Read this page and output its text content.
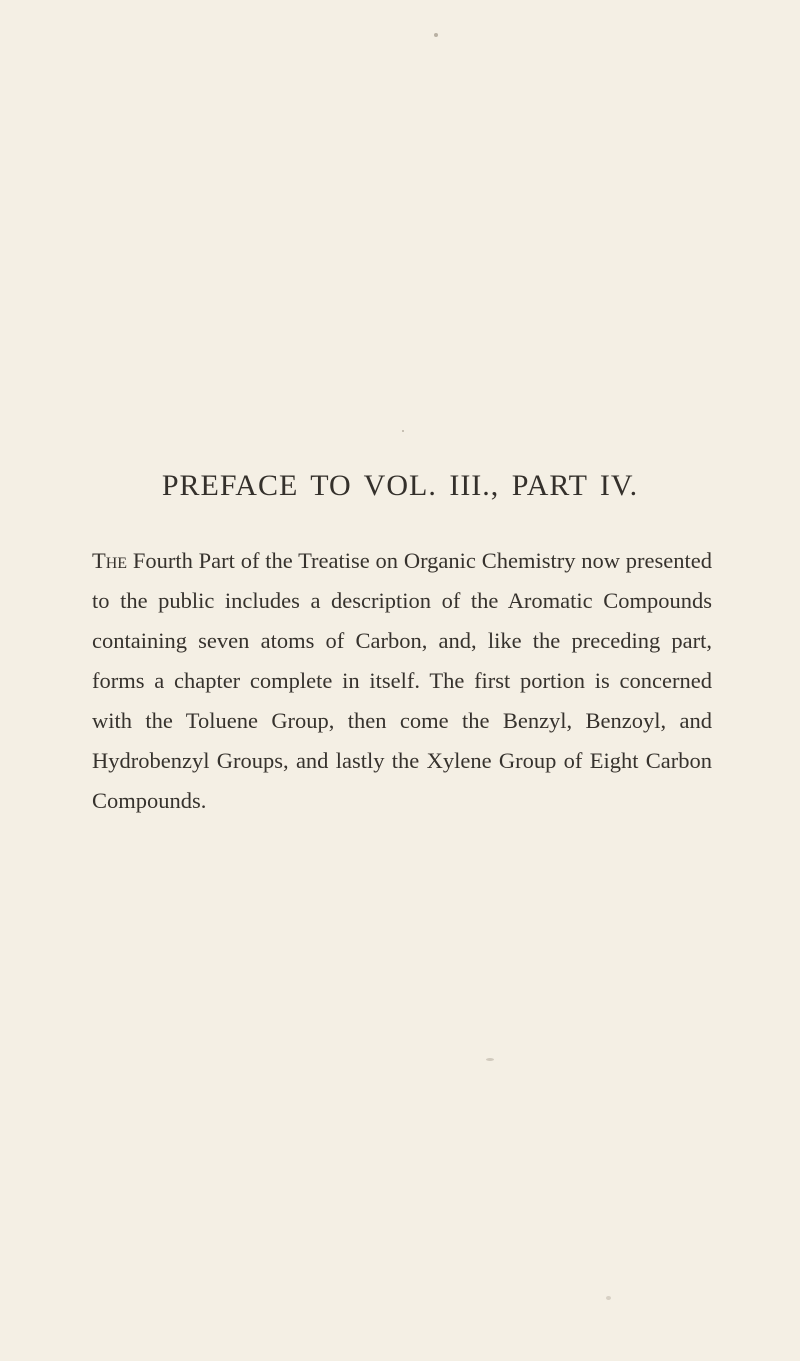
PREFACE TO VOL. III., PART IV.

The Fourth Part of the Treatise on Organic Chemistry now presented to the public includes a description of the Aromatic Compounds containing seven atoms of Carbon, and, like the preceding part, forms a chapter complete in itself. The first portion is concerned with the Toluene Group, then come the Benzyl, Benzoyl, and Hydrobenzyl Groups, and lastly the Xylene Group of Eight Carbon Compounds.
